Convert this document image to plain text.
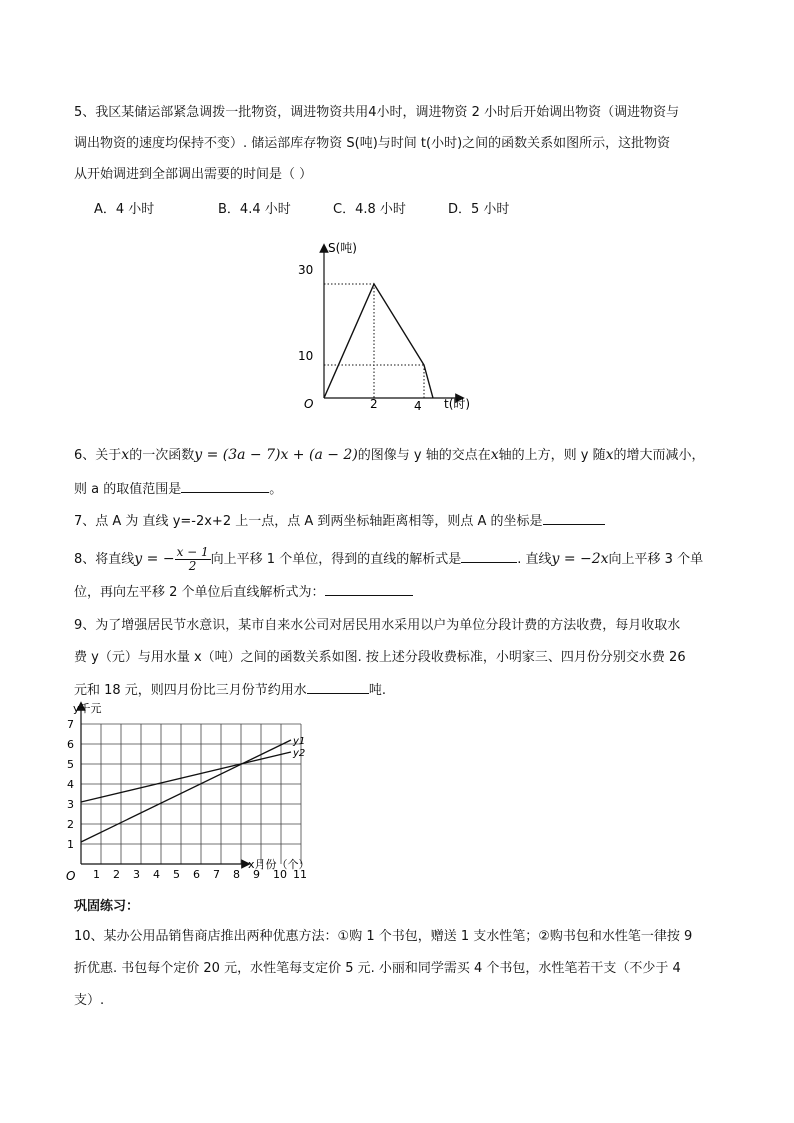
5、我区某储运部紧急调拨一批物资，调进物资共用4小时，调进物资 2 小时后开始调出物资（调进物资与
调出物资的速度均保持不变）. 储运部库存物资 S(吨)与时间 t(小时)之间的函数关系如图所示，这批物资
从开始调进到全部调出需要的时间是（ ）
A．4 小时	B．4.4 小时	C．4.8 小时	D．5 小时
S(吨)
30
10
O	2	4 t(时)
6、关于x的一次函数y = (3a − 7)x + (a − 2)的图像与 y 轴的交点在x轴的上方，则 y 随x的增大而减小，
则 a 的取值范围是	。
7、点 A 为 直线 y=-2x+2 上一点，点 A 到两坐标轴距离相等，则点 A 的坐标是
8、将直线y = − $\frac{x - 1}{2}$ 向上平移 1 个单位，得到的直线的解析式是	. 直线y = −2x向上平移 3 个单
位，再向左平移 2 个单位后直线解析式为：
9、为了增强居民节水意识，某市自来水公司对居民用水采用以户为单位分段计费的方法收费，每月收取水
费 y（元）与用水量 x（吨）之间的函数关系如图. 按上述分段收费标准，小明家三、四月份分别交水费 26
元和 18 元，则四月份比三月份节约用水	吨.
1 2 3 4 5 6 7 8 9 10 11
1
2
3
4
5
6
7
y1
y2
y千元
x月份（个）
O
巩固练习：
10、某办公用品销售商店推出两种优惠方法：①购 1 个书包，赠送 1 支水性笔；②购书包和水性笔一律按 9
折优惠. 书包每个定价 20 元，水性笔每支定价 5 元. 小丽和同学需买 4 个书包，水性笔若干支（不少于 4
支）.
